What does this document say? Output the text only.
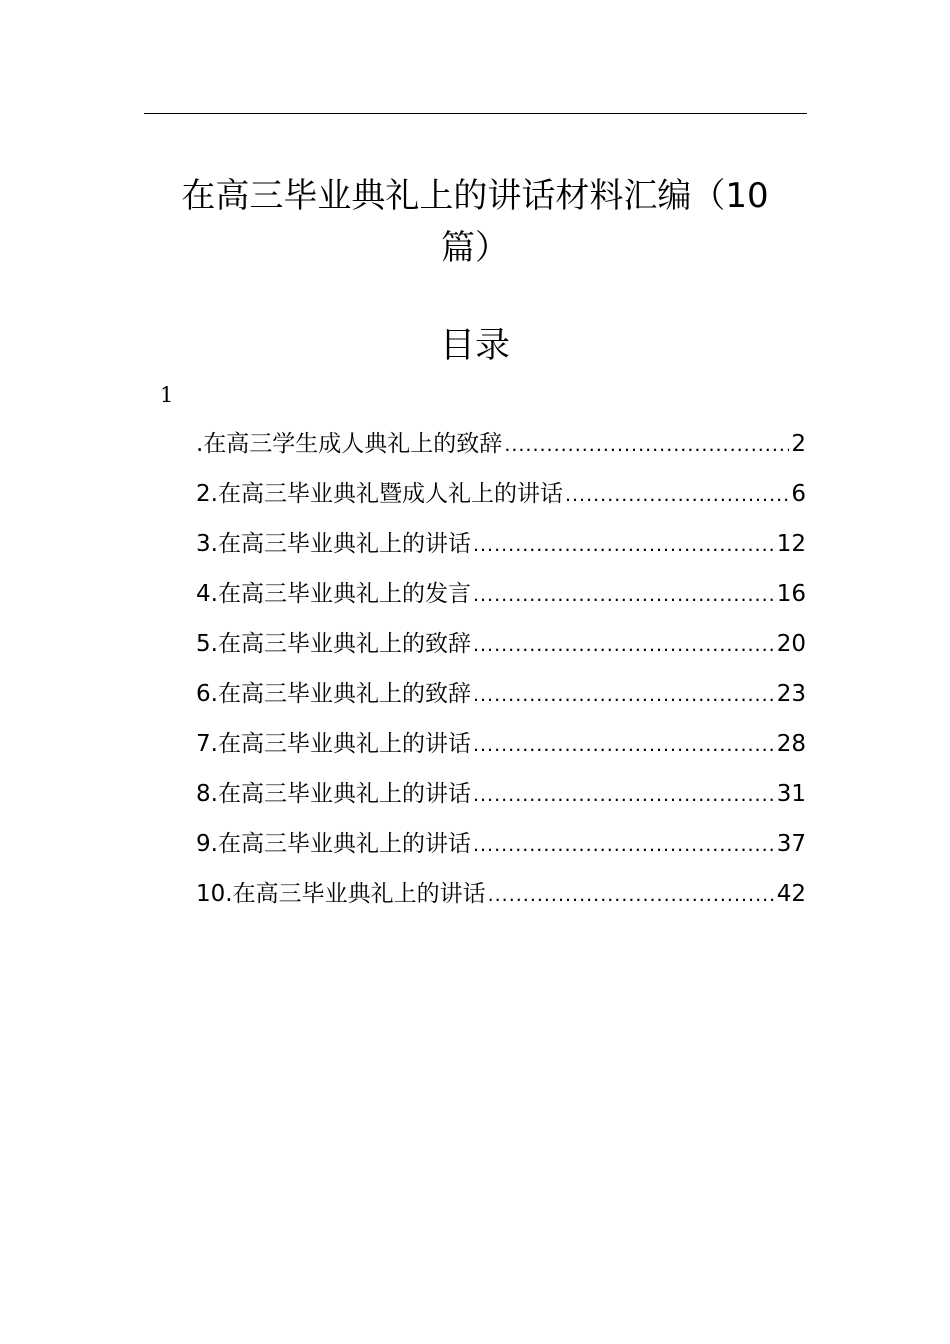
在高三毕业典礼上的讲话材料汇编（10篇）
目录
1
.在高三学生成人典礼上的致辞 .....	2
2.在高三毕业典礼暨成人礼上的讲话 .....	6
3.在高三毕业典礼上的讲话 .....	12
4.在高三毕业典礼上的发言 .....	16
5.在高三毕业典礼上的致辞 .....	20
6.在高三毕业典礼上的致辞 .....	23
7.在高三毕业典礼上的讲话 .....	28
8.在高三毕业典礼上的讲话 .....	31
9.在高三毕业典礼上的讲话 .....	37
10.在高三毕业典礼上的讲话 .....	42
